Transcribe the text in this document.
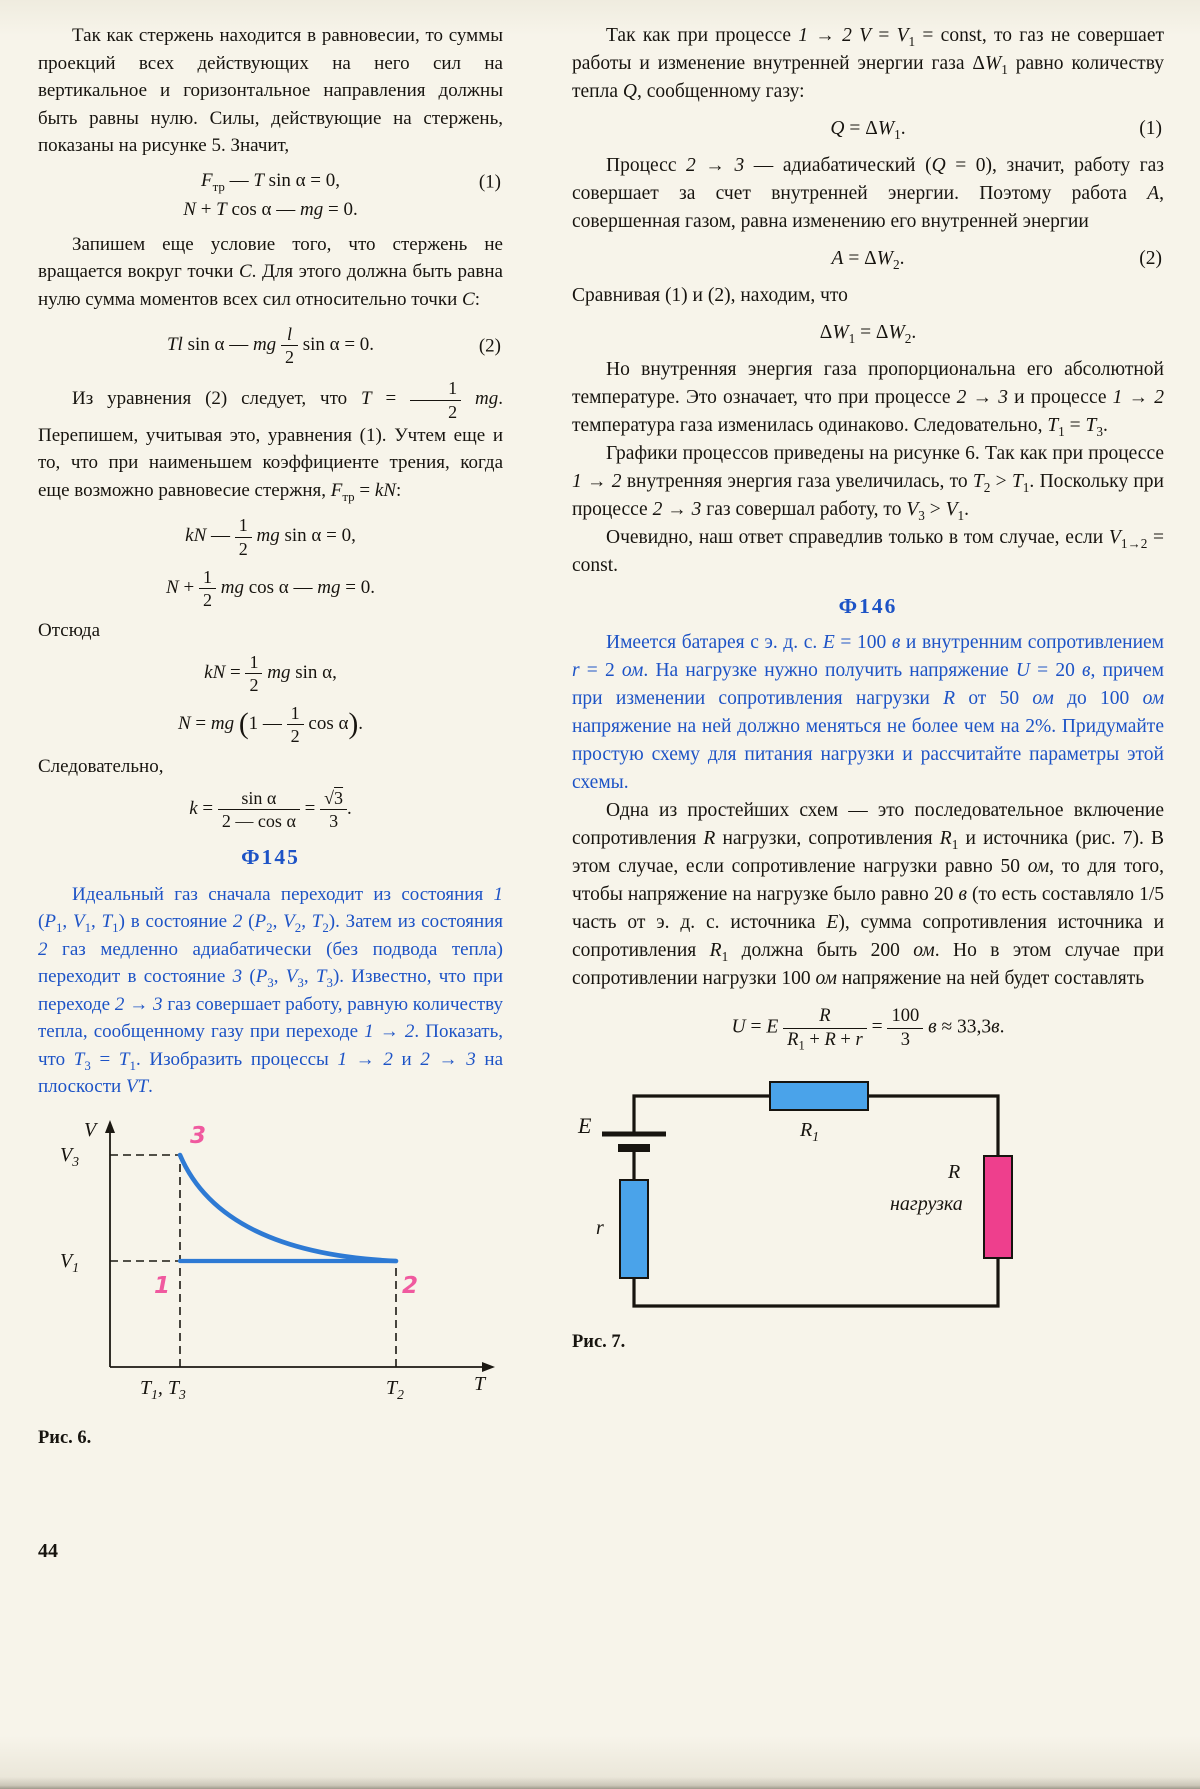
Так как стержень находится в равновесии, то суммы проекций всех действующих на него сил на вертикальное и горизонтальное направления должны быть равны нулю. Силы, действующие на стержень, показаны на рисунке 5. Значит,

$F_{тр}$ — T sin α = 0,
N + T cos α — mg = 0.
(1)

Запишем еще условие того, что стержень не вращается вокруг точки C. Для этого должна быть равна нулю сумма моментов всех сил относительно точки C:

Tl sin α — mg $\frac{l}{2}$ sin α = 0.	(2)

Из уравнения (2) следует, что $T = \frac{1}{2}$ mg. Перепишем, учитывая это, уравнения (1). Учтем еще и то, что при наименьшем коэффициенте трения, когда еще возможно равновесие стержня, $F_{тр}$ = kN:

kN — $\frac{1}{2}$ mg sin α = 0,
$N + \frac{1}{2}$ mg cos α — mg = 0.

Отсюда

kN = $\frac{1}{2}$ mg sin α,
N = mg (1 — $\frac{1}{2}$ cos α).

Следовательно,

$k = \frac{\text{sin α}}{\text{2 — cos α}} = \frac{√3}{3}$ .
Ф145

Идеальный газ сначала переходит из состояния 1 ($P_1$, $V_1$, $T_1$) в состояние 2 ($P_2$, $V_2$, $T_2$). Затем из состояния 2 газ медленно адиабатически (без подвода тепла) переходит в состояние 3 ($P_3$, $V_3$, $T_3$). Известно, что при переходе 2 → 3 газ совершает работу, равную количеству тепла, сообщенному газу при переходе 1 → 2. Показать, что $T_3 = T_1$. Изобразить процессы 1 → 2 и 2 → 3 на плоскости VT.

V
$V_3$
$V_1$
3
1	2
$T_1$, $T_3$	$T_2$	T

Рис. 6.

Так как при процессе 1 → 2 $V = V_1$ = const, то газ не совершает работы и изменение внутренней энергии газа $\Delta W_1$ равно количеству тепла Q, сообщенному газу:

$Q = \Delta W_1$.	(1)

Процесс 2 → 3 — адиабатический (Q = 0), значит, работу газ совершает за счет внутренней энергии. Поэтому работа A, совершенная газом, равна изменению его внутренней энергии

$A = \Delta W_2$.	(2)

Сравнивая (1) и (2), находим, что

$\Delta W_1 = \Delta W_2$.

Но внутренняя энергия газа пропорциональна его абсолютной температуре. Это означает, что при процессе 2 → 3 и процессе 1 → 2 температура газа изменилась одинаково. Следовательно, $T_1 = T_3$.

Графики процессов приведены на рисунке 6. Так как при процессе 1 → 2 внутренняя энергия газа увеличилась, то $T_2 > T_1$. Поскольку при процессе 2 → 3 газ совершал работу, то $V_3 > V_1$.

Очевидно, наш ответ справедлив только в том случае, если $V_{1\to 2}$ = const.

Ф146

Имеется батарея с э. д. с. E = 100 в и внутренним сопротивлением r = 2 ом. На нагрузке нужно получить напряжение U = 20 в, причем при изменении сопротивления нагрузки R от 50 ом до 100 ом напряжение на ней должно меняться не более чем на 2%. Придумайте простую схему для питания нагрузки и рассчитайте параметры этой схемы.

Одна из простейших схем — это последовательное включение сопротивления R нагрузки, сопротивления $R_1$ и источника (рис. 7). В этом случае, если сопротивление нагрузки равно 50 ом, то для того, чтобы напряжение на нагрузке было равно 20 в (то есть составляло 1/5 часть от э. д. с. источника E), сумма сопротивления источника и сопротивления $R_1$ должна быть 200 ом. Но в этом случае при сопротивлении нагрузки 100 ом напряжение на ней будет составлять

U = E $\frac{R}{R_1 + R + r} = \frac{100}{3}$ в ≈ 33,3в.
E
r
$R_1$
R
нагрузка

Рис. 7.

44
